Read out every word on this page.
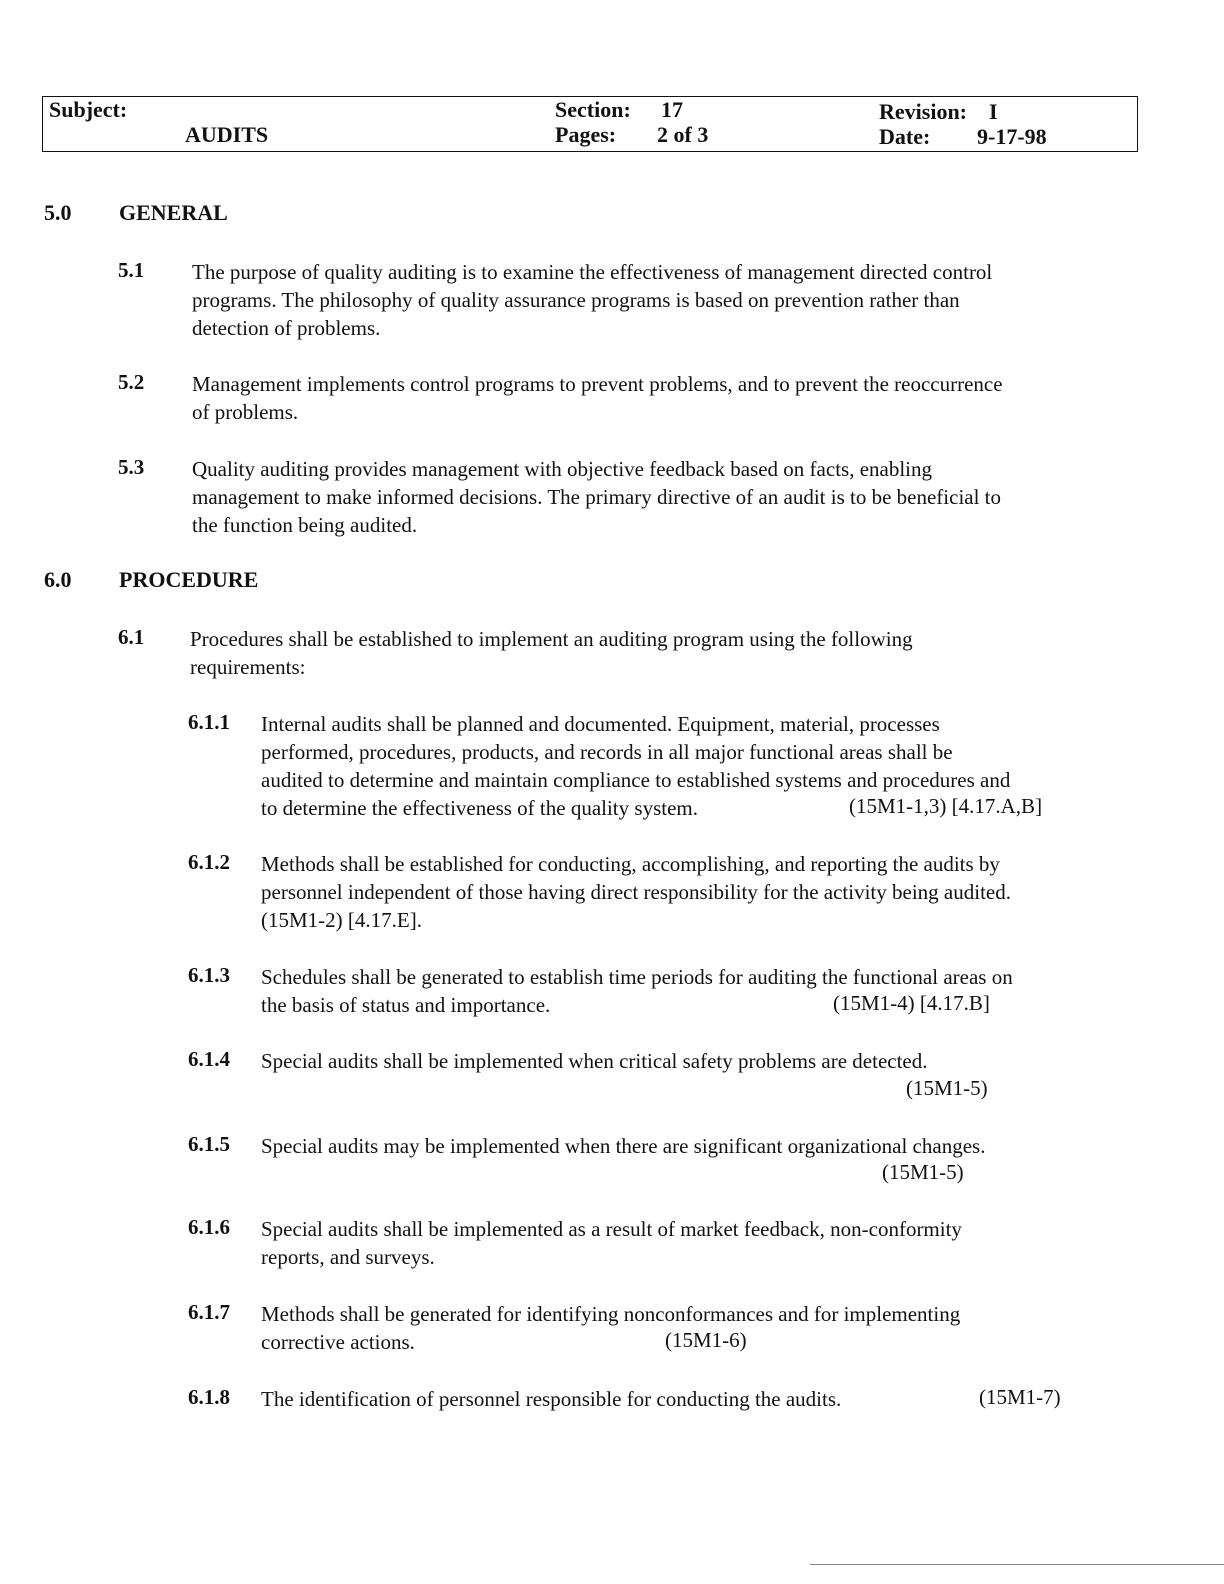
Subject:
AUDITS
Section: 17
Pages: 2 of 3
Revision: I
Date: 9-17-98
5.0 GENERAL
5.1 The purpose of quality auditing is to examine the effectiveness of management directed control
programs. The philosophy of quality assurance programs is based on prevention rather than
detection of problems.
5.2 Management implements control programs to prevent problems, and to prevent the reoccurrence
of problems.
5.3 Quality auditing provides management with objective feedback based on facts, enabling
management to make informed decisions. The primary directive of an audit is to be beneficial to
the function being audited.
6.0 PROCEDURE
6.1 Procedures shall be established to implement an auditing program using the following
requirements:
6.1.1 Internal audits shall be planned and documented. Equipment, material, processes
performed, procedures, products, and records in all major functional areas shall be
audited to determine and maintain compliance to established systems and procedures and
to determine the effectiveness of the quality system.	(15M1-1,3) [4.17.A,B]
6.1.2 Methods shall be established for conducting, accomplishing, and reporting the audits by
personnel independent of those having direct responsibility for the activity being audited.
(15M1-2) [4.17.E].
6.1.3 Schedules shall be generated to establish time periods for auditing the functional areas on
the basis of status and importance.	(15M1-4) [4.17.B]
6.1.4 Special audits shall be implemented when critical safety problems are detected.
(15M1-5)
6.1.5 Special audits may be implemented when there are significant organizational changes.
(15M1-5)
6.1.6 Special audits shall be implemented as a result of market feedback, non-conformity
reports, and surveys.
6.1.7 Methods shall be generated for identifying nonconformances and for implementing
corrective actions.	(15M1-6)
6.1.8 The identification of personnel responsible for conducting the audits.	(15M1-7)
